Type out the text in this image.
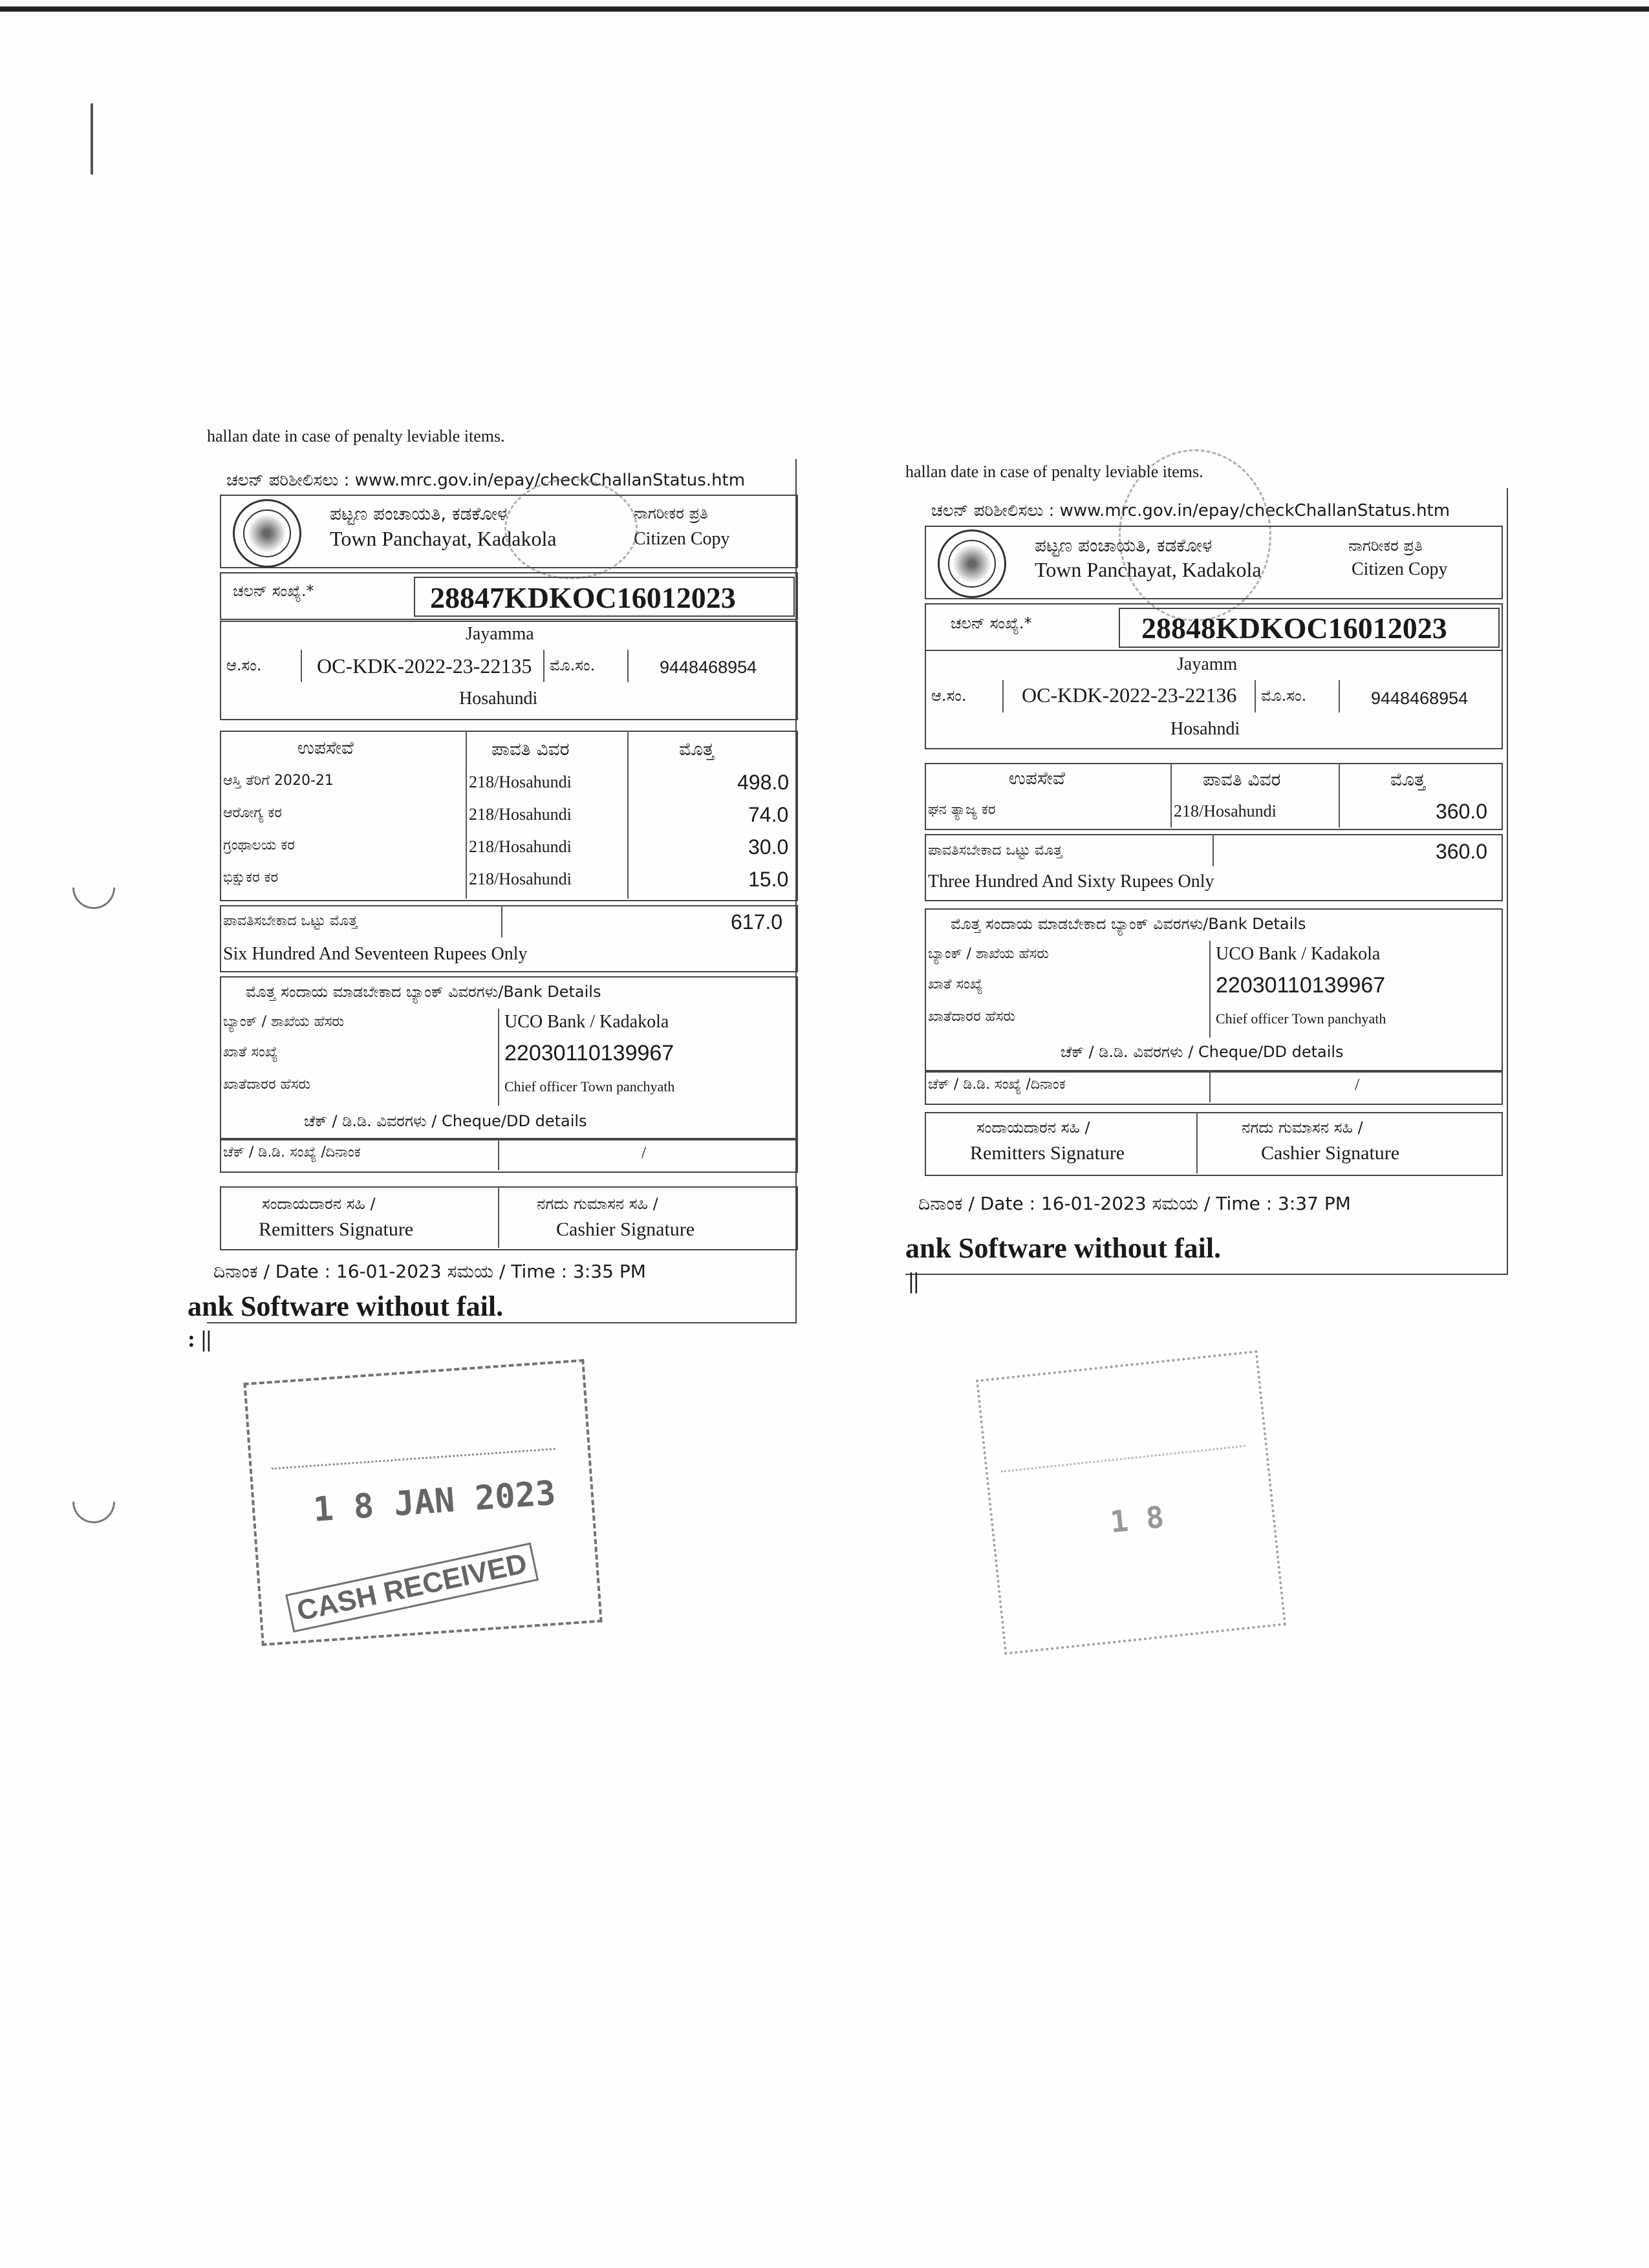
hallan date in case of penalty leviable items.
ಚಲನ್ ಪರಿಶೀಲಿಸಲು : www.mrc.gov.in/epay/checkChallanStatus.htm
ಪಟ್ಟಣ ಪಂಚಾಯತಿ, ಕಡಕೋಳ
Town Panchayat, Kadakola
ನಾಗರೀಕರ ಪ್ರತಿ
Citizen Copy
ಚಲನ್ ಸಂಖ್ಯೆ.*	28847KDKOC16012023
Jayamma
ಆ.ಸಂ.	OC-KDK-2022-23-22135 ಮೊ.ಸಂ.	9448468954
Hosahundi
ಉಪಸೇವೆ	ಪಾವತಿ ವಿವರ	ಮೊತ್ತ
ಆಸ್ತಿ ತೆರಿಗೆ 2020-21	218/Hosahundi	498.0
ಆರೋಗ್ಯ ಕರ	218/Hosahundi	74.0
ಗ್ರಂಥಾಲಯ ಕರ	218/Hosahundi	30.0
ಭಿಕ್ಷುಕರ ಕರ	218/Hosahundi	15.0
ಪಾವತಿಸಬೇಕಾದ ಒಟ್ಟು ಮೊತ್ತ	617.0
Six Hundred And Seventeen Rupees Only
ಮೊತ್ತ ಸಂದಾಯ ಮಾಡಬೇಕಾದ ಬ್ಯಾಂಕ್ ವಿವರಗಳು/Bank Details
ಬ್ಯಾಂಕ್ / ಶಾಖೆಯ ಹೆಸರು	UCO Bank / Kadakola
ಖಾತೆ ಸಂಖ್ಯೆ	22030110139967
ಖಾತೆದಾರರ ಹೆಸರು	Chief officer Town panchyath
ಚೆಕ್ / ಡಿ.ಡಿ. ವಿವರಗಳು / Cheque/DD details
ಚೆಕ್ / ಡಿ.ಡಿ. ಸಂಖ್ಯೆ /ದಿನಾಂಕ	/
ಸಂದಾಯದಾರನ ಸಹಿ /
Remitters Signature
ನಗದು ಗುಮಾಸನ ಸಹಿ /
Cashier Signature
ದಿನಾಂಕ / Date : 16-01-2023 ಸಮಯ / Time : 3:35 PM
ank Software without fail.
: ||
hallan date in case of penalty leviable items.
ಚಲನ್ ಪರಿಶೀಲಿಸಲು : www.mrc.gov.in/epay/checkChallanStatus.htm
ಪಟ್ಟಣ ಪಂಚಾಯತಿ, ಕಡಕೋಳ
Town Panchayat, Kadakola
ನಾಗರೀಕರ ಪ್ರತಿ
Citizen Copy
ಚಲನ್ ಸಂಖ್ಯೆ.*	28848KDKOC16012023
Jayamm
ಆ.ಸಂ.	OC-KDK-2022-23-22136 ಮೊ.ಸಂ.	9448468954
Hosahndi
ಉಪಸೇವೆ	ಪಾವತಿ ವಿವರ	ಮೊತ್ತ
ಘನ ತ್ಯಾಜ್ಯ ಕರ	218/Hosahundi	360.0
ಪಾವತಿಸಬೇಕಾದ ಒಟ್ಟು ಮೊತ್ತ	360.0
Three Hundred And Sixty Rupees Only
ಮೊತ್ತ ಸಂದಾಯ ಮಾಡಬೇಕಾದ ಬ್ಯಾಂಕ್ ವಿವರಗಳು/Bank Details
ಬ್ಯಾಂಕ್ / ಶಾಖೆಯ ಹೆಸರು	UCO Bank / Kadakola
ಖಾತೆ ಸಂಖ್ಯೆ	22030110139967
ಖಾತೆದಾರರ ಹೆಸರು	Chief officer Town panchyath
ಚೆಕ್ / ಡಿ.ಡಿ. ವಿವರಗಳು / Cheque/DD details
ಚೆಕ್ / ಡಿ.ಡಿ. ಸಂಖ್ಯೆ /ದಿನಾಂಕ	/
ಸಂದಾಯದಾರನ ಸಹಿ /
Remitters Signature
ನಗದು ಗುಮಾಸನ ಸಹಿ /
Cashier Signature
ದಿನಾಂಕ / Date : 16-01-2023 ಸಮಯ / Time : 3:37 PM
ank Software without fail.
||
1 8 JAN 2023
CASH RECEIVED
1 8
